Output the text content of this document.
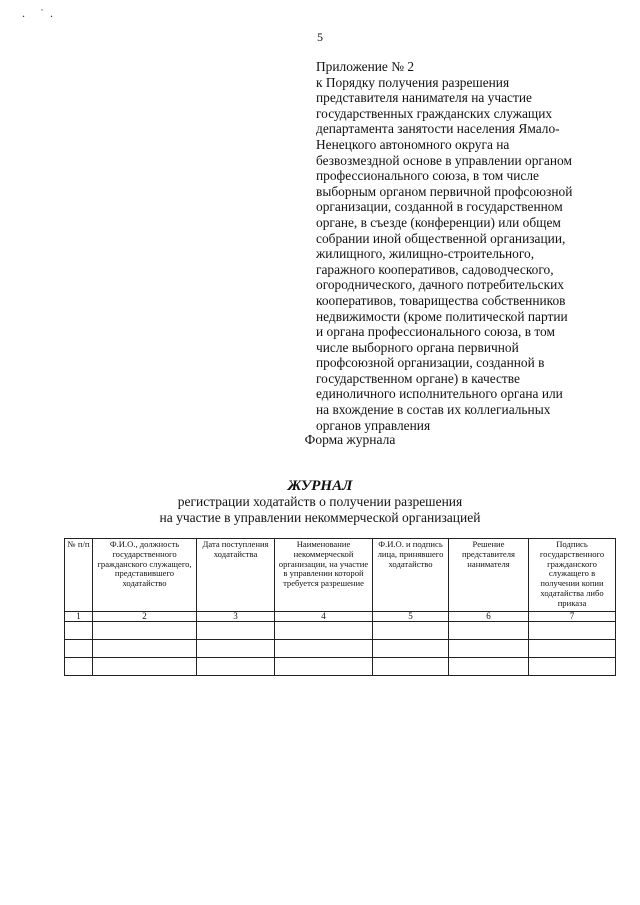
. ˙.
5
Приложение № 2
к Порядку получения разрешения
представителя нанимателя на участие
государственных гражданских служащих
департамента занятости населения Ямало-
Ненецкого автономного округа на
безвозмездной основе в управлении органом
профессионального союза, в том числе
выборным органом первичной профсоюзной
организации, созданной в государственном
органе, в съезде (конференции) или общем
собрании иной общественной организации,
жилищного, жилищно-строительного,
гаражного кооперативов, садоводческого,
огороднического, дачного потребительских
кооперативов, товарищества собственников
недвижимости (кроме политической партии
и органа профессионального союза, в том
числе выборного органа первичной
профсоюзной организации, созданной в
государственном органе) в качестве
единоличного исполнительного органа или
на вхождение в состав их коллегиальных
органов управления
Форма журнала
ЖУРНАЛ
регистрации ходатайств о получении разрешения
на участие в управлении некоммерческой организацией
№ п/п	Ф.И.О., должность государственного гражданского служащего, представившего ходатайство	Дата поступления ходатайства	Наименование некоммерческой организации, на участие в управлении которой требуется разрешение	Ф.И.О. и подпись лица, принявшего ходатайство	Решение представителя нанимателя	Подпись государственного гражданского служащего в получении копии ходатайства либо приказа
1	2	3	4	5	6	7
